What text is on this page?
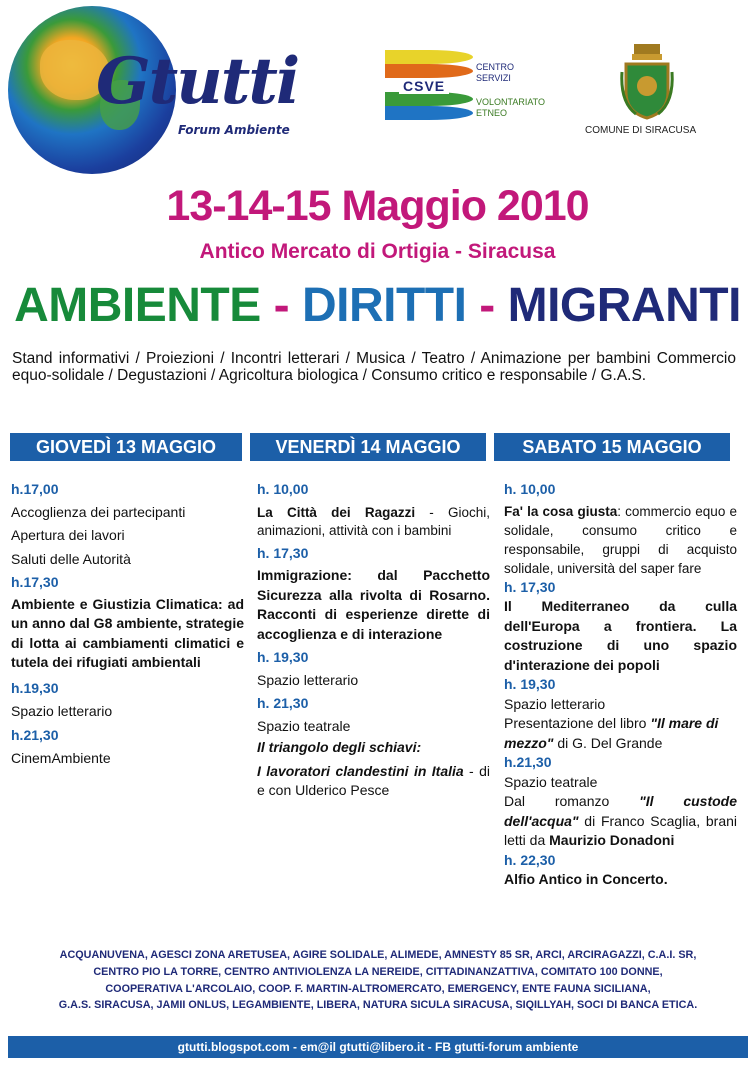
Gtutti
Forum Ambiente
CSVE
CENTRO
SERVIZI
VOLONTARIATO
ETNEO
COMUNE DI SIRACUSA
13-14-15 Maggio 2010
Antico Mercato di Ortigia - Siracusa
AMBIENTE - DIRITTI - MIGRANTI
Stand informativi / Proiezioni / Incontri letterari / Musica / Teatro / Animazione per bambini Commercio equo-solidale / Degustazioni / Agricoltura biologica / Consumo critico e responsabile / G.A.S.
GIOVEDÌ 13 MAGGIO	VENERDÌ 14 MAGGIO	SABATO 15 MAGGIO
h.17,00
Accoglienza dei partecipanti
Apertura dei lavori
Saluti delle Autorità
h.17,30
Ambiente e Giustizia Climatica: ad un anno dal G8 ambiente, strategie di lotta ai cambiamenti climatici e tutela dei rifugiati ambientali
h.19,30
Spazio letterario
h.21,30
CinemAmbiente
h. 10,00
La Città dei Ragazzi - Giochi, animazioni, attività con i bambini
h. 17,30
Immigrazione: dal Pacchetto Sicurezza alla rivolta di Rosarno. Racconti di esperienze dirette di accoglienza e di interazione
h. 19,30
Spazio letterario
h. 21,30
Spazio teatrale
Il triangolo degli schiavi:
I lavoratori clandestini in Italia - di e con Ulderico Pesce
h. 10,00
Fa' la cosa giusta: commercio equo e solidale, consumo critico e responsabile, gruppi di acquisto solidale, università del saper fare
h. 17,30
Il Mediterraneo da culla dell'Europa a frontiera. La costruzione di uno spazio d'interazione dei popoli
h. 19,30
Spazio letterario
Presentazione del libro "Il mare di mezzo" di G. Del Grande
h.21,30
Spazio teatrale
Dal romanzo "Il custode dell'acqua" di Franco Scaglia, brani letti da Maurizio Donadoni
h. 22,30
Alfio Antico in Concerto.
ACQUANUVENA, AGESCI ZONA ARETUSEA, AGIRE SOLIDALE, ALIMEDE, AMNESTY 85 SR, ARCI, ARCIRAGAZZI, C.A.I. SR,
CENTRO PIO LA TORRE, CENTRO ANTIVIOLENZA LA NEREIDE, CITTADINANZATTIVA, COMITATO 100 DONNE,
COOPERATIVA L'ARCOLAIO, COOP. F. MARTIN-ALTROMERCATO, EMERGENCY, ENTE FAUNA SICILIANA,
G.A.S. SIRACUSA, JAMII ONLUS, LEGAMBIENTE, LIBERA, NATURA SICULA SIRACUSA, SIQILLYAH, SOCI DI BANCA ETICA.
gtutti.blogspot.com - em@il gtutti@libero.it - FB gtutti-forum ambiente
